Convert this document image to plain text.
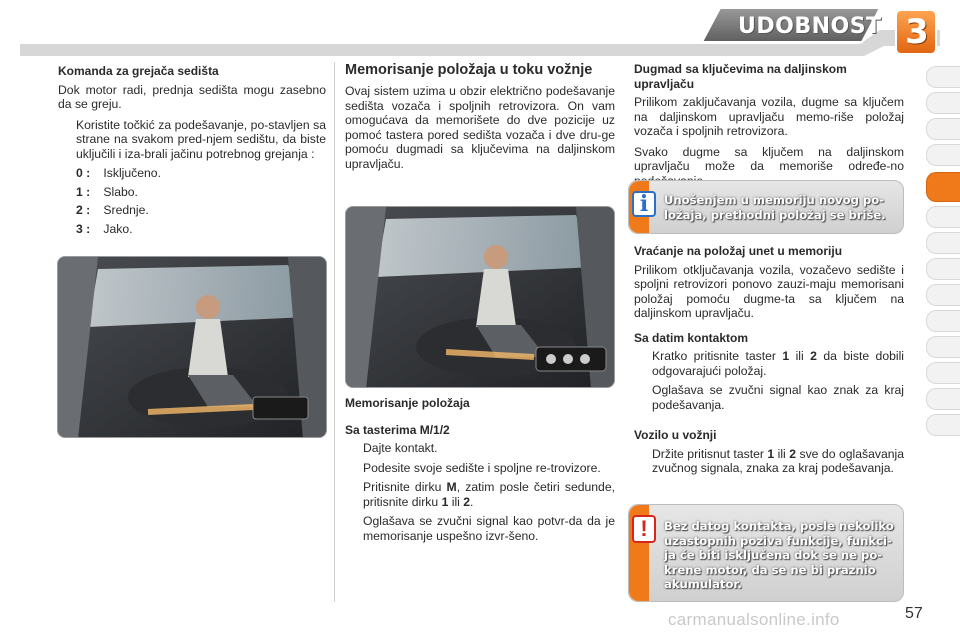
UDOBNOST 3
Komanda za grejača sedišta

Dok motor radi, prednja sedišta mogu zasebno da se greju.

Koristite točkić za podešavanje, po-stavljen sa strane na svakom pred-njem sedištu, da biste uključili i iza-brali jačinu potrebnog grejanja :
0 : Isključeno.
1 : Slabo.
2 : Srednje.
3 : Jako.
Memorisanje položaja u toku vožnje

Ovaj sistem uzima u obzir električno podešavanje sedišta vozača i spoljnih retrovizora. On vam omogućava da memorišete do dve pozicije uz pomoć tastera pored sedišta vozača i dve dru-ge pomoću dugmadi sa ključevima na daljinskom upravljaču.

Memorisanje položaja
Sa tasterima M/1/2
Dajte kontakt.
Podesite svoje sedište i spoljne re-trovizore.
Pritisnite dirku M, zatim posle četiri sedunde, pritisnite dirku 1 ili 2.

Oglašava se zvučni signal kao potvr-da da je memorisanje uspešno izvr-šeno.

Dugmad sa ključevima na daljinskom upravljaču

Prilikom zaključavanja vozila, dugme sa ključem na daljinskom upravljaču memo-riše položaj vozača i spoljnih retrovizora.

Svako dugme sa ključem na daljinskom upravljaču može da memoriše određe-no

i	Unošenjem u memoriju novog po-ložaja, prethodni položaj se briše.
Vraćanje na položaj unet u memoriju

Prilikom otključavanja vozila, vozačevo sedište i spoljni retrovizori ponovo zauzi-maju memorisani položaj pomoću dugme-ta sa ključem na daljinskom upravljaču.

Sa datim kontaktom
Kratko pritisnite taster 1 ili 2 da biste dobili odgovarajući položaj.

Oglašava se zvučni signal kao znak za kraj podešavanja.

Vozilo u vožnji
Držite pritisnut taster 1 ili 2 sve do oglašavanja zvučnog signala, znaka za kraj podešavanja.
!	Bez datog kontakta, posle nekoliko uzastopnih poziva funkcije, funkci-ja će biti isključena dok se ne po-krene motor, da se ne bi praznio akumulator.
57
carmanualsonline.info
